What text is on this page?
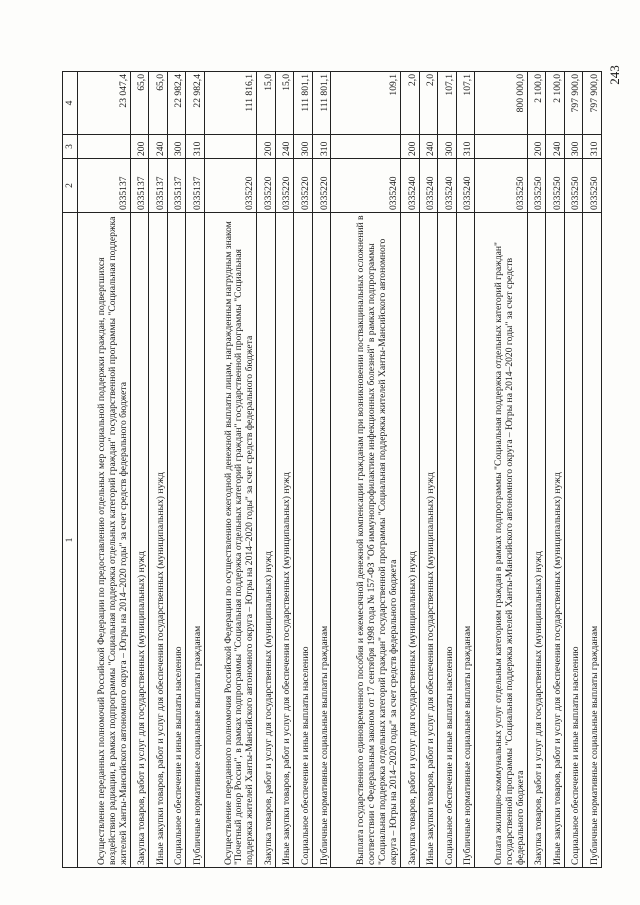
243
1	2	3	4
Осуществление переданных полномочий Российской Федерации по предоставлению отдельных мер социальной поддержки граждан, подвергшихся воздействию радиации, в рамках подпрограммы "Социальная поддержка отдельных категорий граждан" государственной программы "Социальная поддержка жителей Ханты-Мансийского автономного округа – Югры на 2014–2020 годы" за счет средств федерального бюджета	0335137		23 047,4
Закупка товаров, работ и услуг для государственных (муниципальных) нужд	0335137	200	65,0
Иные закупки товаров, работ и услуг для обеспечения государственных (муниципальных) нужд	0335137	240	65,0
Социальное обеспечение и иные выплаты населению	0335137	300	22 982,4
Публичные нормативные социальные выплаты гражданам	0335137	310	22 982,4
Осуществление переданного полномочия Российской Федерации по осуществлению ежегодной денежной выплаты лицам, награжденным нагрудным знаком "Почетный донор России", в рамках подпрограммы "Социальная поддержка отдельных категорий граждан" государственной программы "Социальная поддержка жителей Ханты-Мансийского автономного округа – Югры на 2014–2020 годы" за счет средств федерального бюджета	0335220		111 816,1
Закупка товаров, работ и услуг для государственных (муниципальных) нужд	0335220	200	15,0
Иные закупки товаров, работ и услуг для обеспечения государственных (муниципальных) нужд	0335220	240	15,0
Социальное обеспечение и иные выплаты населению	0335220	300	111 801,1
Публичные нормативные социальные выплаты гражданам	0335220	310	111 801,1
Выплата государственного единовременного пособия и ежемесячной денежной компенсации гражданам при возникновении поствакцинальных осложнений в соответствии с Федеральным законом от 17 сентября 1998 года № 157-ФЗ "Об иммунопрофилактике инфекционных болезней" в рамках подпрограммы "Социальная поддержка отдельных категорий граждан" государственной программы "Социальная поддержка жителей Ханты-Мансийского автономного округа – Югры на 2014–2020 годы" за счет средств федерального бюджета	0335240		109,1
Закупка товаров, работ и услуг для государственных (муниципальных) нужд	0335240	200	2,0
Иные закупки товаров, работ и услуг для обеспечения государственных (муниципальных) нужд	0335240	240	2,0
Социальное обеспечение и иные выплаты населению	0335240	300	107,1
Публичные нормативные социальные выплаты гражданам	0335240	310	107,1
Оплата жилищно-коммунальных услуг отдельным категориям граждан в рамках подпрограммы "Социальная поддержка отдельных категорий граждан" государственной программы "Социальная поддержка жителей Ханты-Мансийского автономного округа – Югры на 2014–2020 годы" за счет средств федерального бюджета	0335250		800 000,0
Закупка товаров, работ и услуг для государственных (муниципальных) нужд	0335250	200	2 100,0
Иные закупки товаров, работ и услуг для обеспечения государственных (муниципальных) нужд	0335250	240	2 100,0
Социальное обеспечение и иные выплаты населению	0335250	300	797 900,0
Публичные нормативные социальные выплаты гражданам	0335250	310	797 900,0
